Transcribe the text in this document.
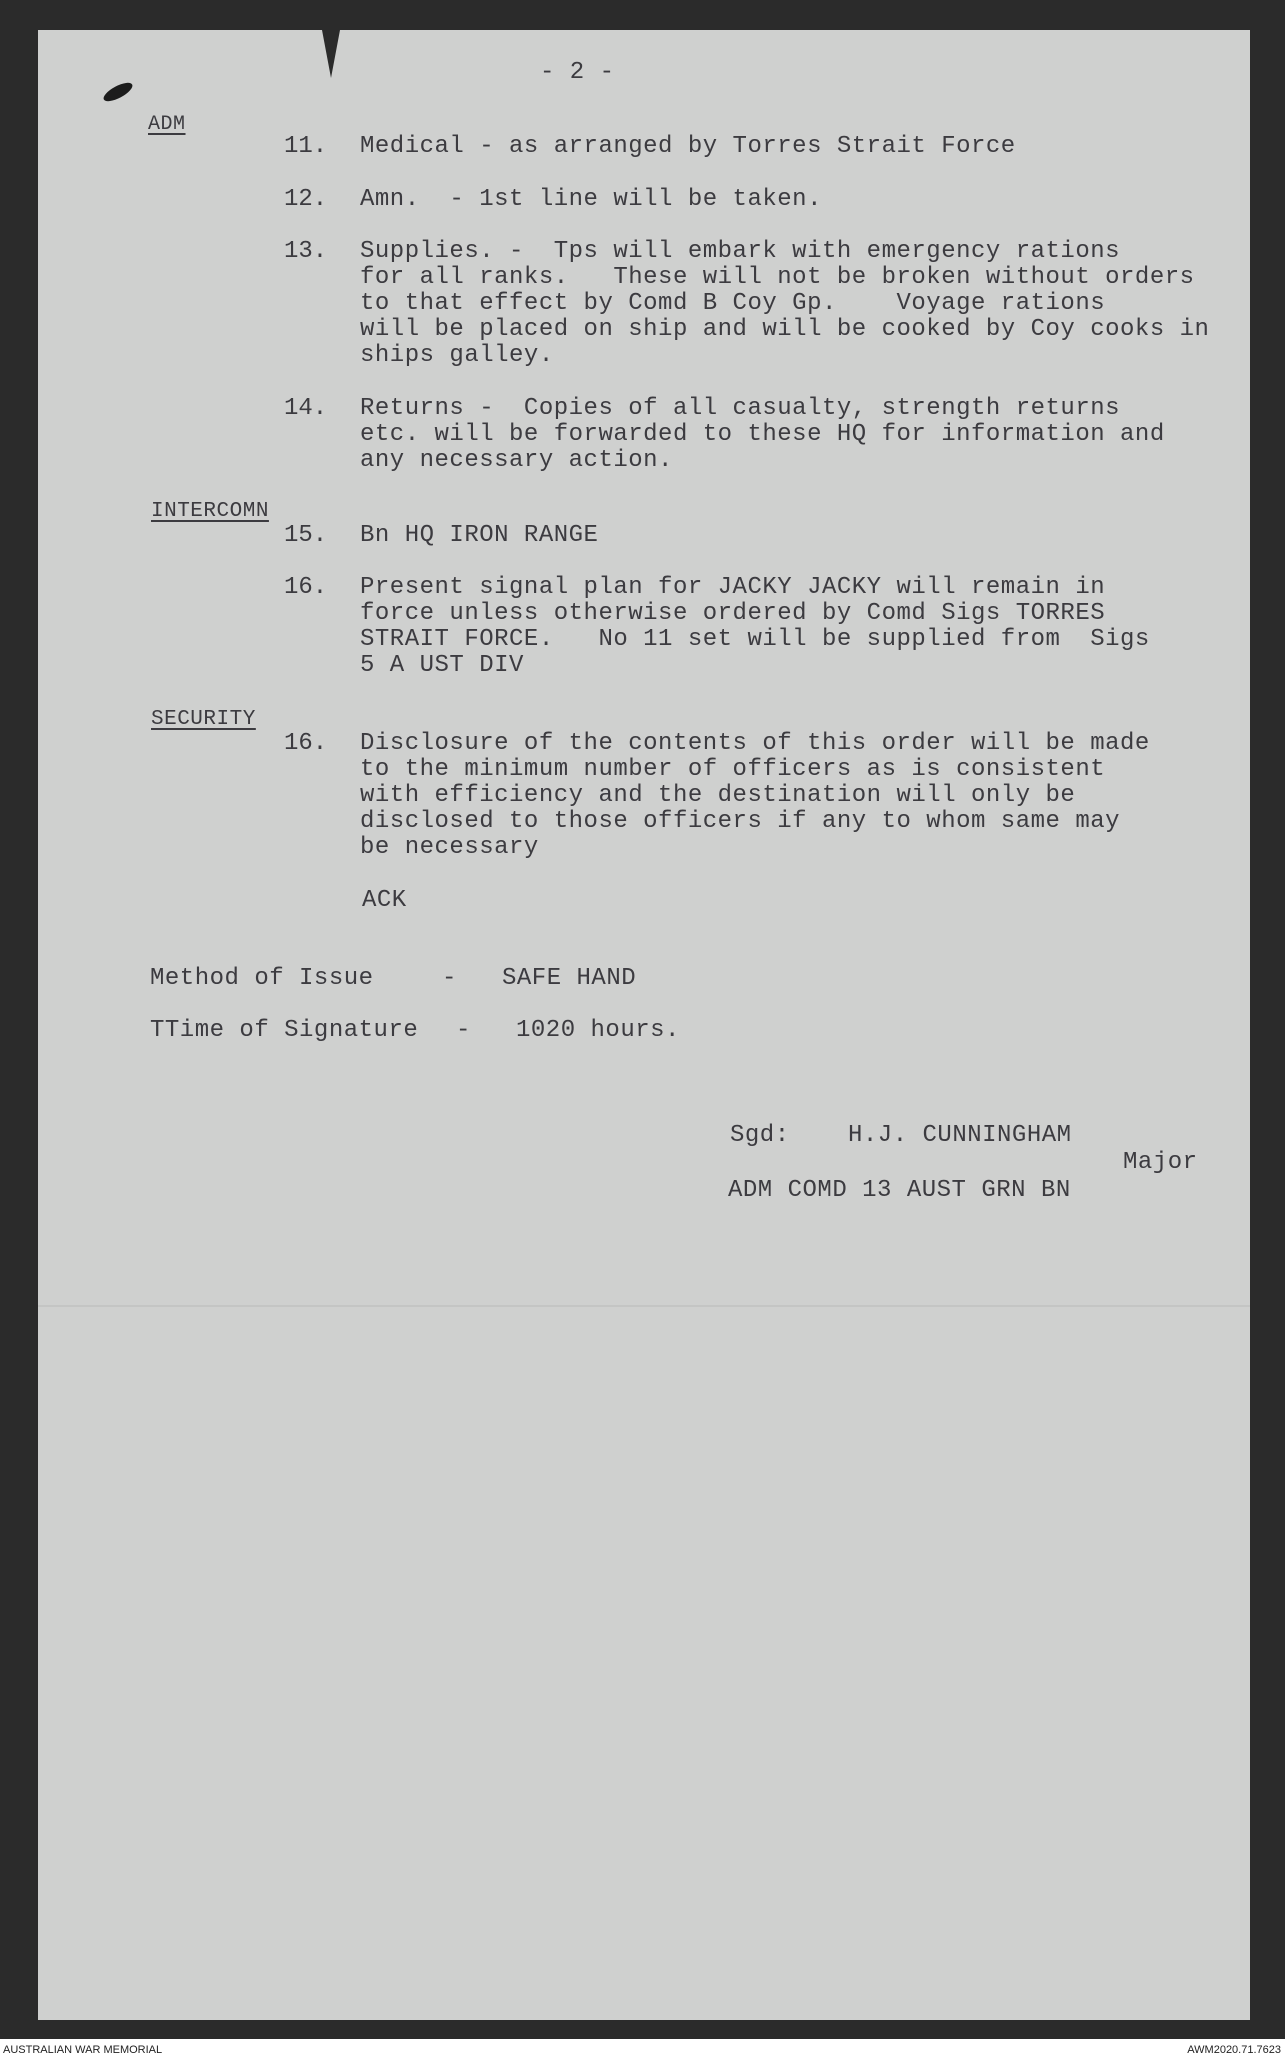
- 2 -
ADM
11. Medical - as arranged by Torres Strait Force
12. Amn.  - 1st line will be taken.
13. Supplies. -  Tps will embark with emergency rations
for all ranks.   These will not be broken without orders
to that effect by Comd B Coy Gp.    Voyage rations
will be placed on ship and will be cooked by Coy cooks in
ships galley.
14. Returns -  Copies of all casualty, strength returns
etc. will be forwarded to these HQ for information and
any necessary action.
INTERCOMN
15. Bn HQ IRON RANGE
16. Present signal plan for JACKY JACKY will remain in
force unless otherwise ordered by Comd Sigs TORRES
STRAIT FORCE.   No 11 set will be supplied from  Sigs
5 A UST DIV
SECURITY
16. Disclosure of the contents of this order will be made
to the minimum number of officers as is consistent
with efficiency and the destination will only be
disclosed to those officers if any to whom same may
be necessary
ACK
Method of Issue	- SAFE HAND
TTime of Signature - 1020 hours.
Sgd: H.J. CUNNINGHAM
Major
ADM COMD 13 AUST GRN BN
AUSTRALIAN WAR MEMORIAL	AWM2020.71.7623
